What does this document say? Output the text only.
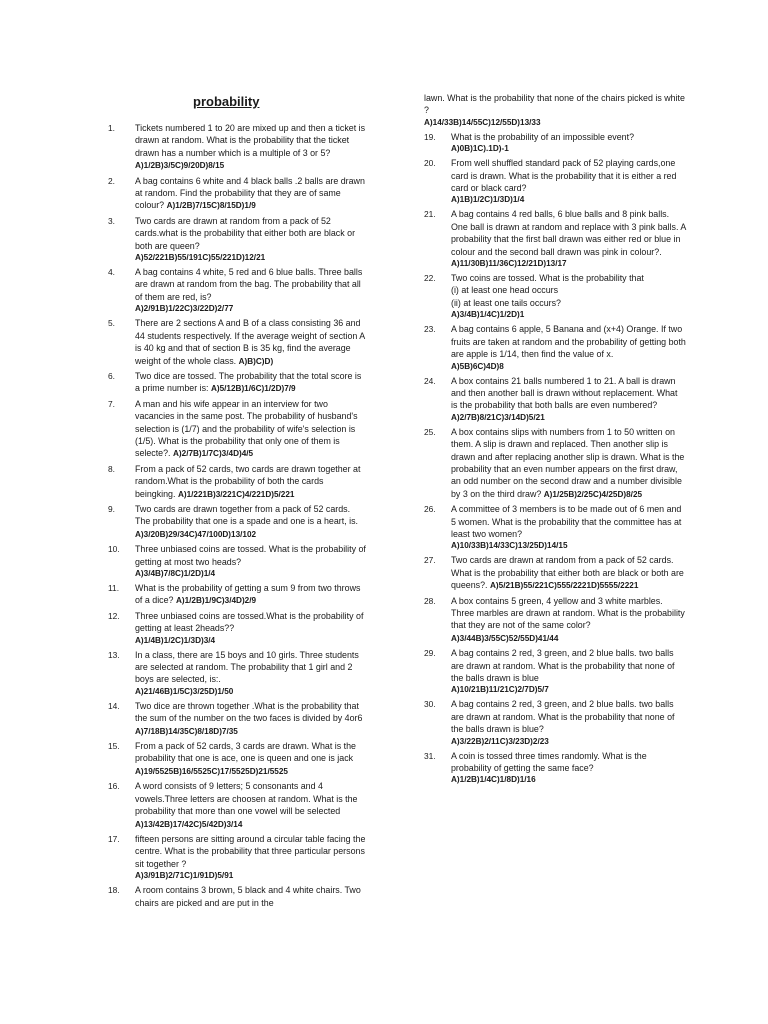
probability
1.	Tickets numbered 1 to 20 are mixed up and then a ticket is drawn at random. What is the probability that the ticket drawn has a number which is a multiple of 3 or 5? A)1/2B)3/5C)9/20D)8/15
2.	A bag contains 6 white and 4 black balls .2 balls are drawn at random. Find the probability that they are of same colour? A)1/2B)7/15C)8/15D)1/9
3.	Two cards are drawn at random from a pack of 52 cards.what is the probability that either both are black or both are queen?
A)52/221B)55/191C)55/221D)12/21
4.	A bag contains 4 white, 5 red and 6 blue balls. Three balls are drawn at random from the bag. The probability that all of them are red, is?
A)2/91B)1/22C)3/22D)2/77
5.	There are 2 sections A and B of a class consisting 36 and 44 students respectively. If the average weight of section A is 40 kg and that of section B is 35 kg, find the average weight of the whole class. A)B)C)D)
6.	Two dice are tossed. The probability that the total score is a prime number is: A)5/12B)1/6C)1/2D)7/9
7.	A man and his wife appear in an interview for two vacancies in the same post. The probability of husband's selection is (1/7) and the probability of wife's selection is (1/5). What is the probability that only one of them is selecte?. A)2/7B)1/7C)3/4D)4/5
8.	From a pack of 52 cards, two cards are drawn together at random.What is the probability of both the cards beingking. A)1/221B)3/221C)4/221D)5/221
9.	Two cards are drawn together from a pack of 52 cards. The probability that one is a spade and one is a heart, is. A)3/20B)29/34C)47/100D)13/102
10.	Three unbiased coins are tossed. What is the probability of getting at most two heads?
A)3/4B)7/8C)1/2D)1/4
11.	What is the probability of getting a sum 9 from two throws of a dice? A)1/2B)1/9C)3/4D)2/9
12.	Three unbiased coins are tossed.What is the probability of getting at least 2heads??
A)1/4B)1/2C)1/3D)3/4
13.	In a class, there are 15 boys and 10 girls. Three students are selected at random. The probability that 1 girl and 2 boys are selected, is:.
A)21/46B)1/5C)3/25D)1/50
14.	Two dice are thrown together .What is the probability that the sum of the number on the two faces is divided by 4or6 A)7/18B)14/35C)8/18D)7/35
15.	From a pack of 52 cards, 3 cards are drawn. What is the probability that one is ace, one is queen and one is jack A)19/5525B)16/5525C)17/5525D)21/5525
16.	A word consists of 9 letters; 5 consonants and 4 vowels.Three letters are choosen at random. What is the probability that more than one vowel will be selected A)13/42B)17/42C)5/42D)3/14
17.	fifteen persons are sitting around a circular table facing the centre. What is the probability that three particular persons sit together ?
A)3/91B)2/71C)1/91D)5/91
18.	A room contains 3 brown, 5 black and 4 white chairs. Two chairs are picked and are put in the
lawn. What is the probability that none of the chairs picked is white ?
A)14/33B)14/55C)12/55D)13/33
19.	What is the probability of an impossible event?
A)0B)1C).1D)-1
20.	From well shuffled standard pack of 52 playing cards,one card is drawn. What is the probability that it is either a red card or black card?
A)1B)1/2C)1/3D)1/4
21.	A bag contains 4 red balls, 6 blue balls and 8 pink balls. One ball is drawn at random and replace with 3 pink balls. A probability that the first ball drawn was either red or blue in colour and the second ball drawn was pink in colour?.
A)11/30B)11/36C)12/21D)13/17
22.	Two coins are tossed. What is the probability that
(i) at least one head occurs
(ii) at least one tails occurs?
A)3/4B)1/4C)1/2D)1
23.	A bag contains 6 apple, 5 Banana and (x+4) Orange. If two fruits are taken at random and the probability of getting both are apple is 1/14, then find the value of x.
A)5B)6C)4D)8
24.	A box contains 21 balls numbered 1 to 21. A ball is drawn and then another ball is drawn without replacement. What is the probability that both balls are even numbered?
A)2/7B)8/21C)3/14D)5/21
25.	A box contains slips with numbers from 1 to 50 written on them. A slip is drawn and replaced. Then another slip is drawn and after replacing another slip is drawn. What is the probability that an even number appears on the first draw, an odd number on the second draw and a number divisible by 3 on the third draw? A)1/25B)2/25C)4/25D)8/25
26.	A committee of 3 members is to be made out of 6 men and 5 women. What is the probability that the committee has at least two women?
A)10/33B)14/33C)13/25D)14/15
27.	Two cards are drawn at random from a pack of 52 cards. What is the probability that either both are black or both are queens?. A)5/21B)55/221C)555/2221D)5555/2221
28.	A box contains 5 green, 4 yellow and 3 white marbles. Three marbles are drawn at random. What is the probability that they are not of the same color? A)3/44B)3/55C)52/55D)41/44
29.	A bag contains 2 red, 3 green, and 2 blue balls. two balls are drawn at random. What is the probability that none of the balls drawn is blue
A)10/21B)11/21C)2/7D)5/7
30.	A bag contains 2 red, 3 green, and 2 blue balls. two balls are drawn at random. What is the probability that none of the balls drawn is blue?
A)3/22B)2/11C)3/23D)2/23
31.	A coin is tossed three times randomly. What is the probability of getting the same face?
A)1/2B)1/4C)1/8D)1/16
